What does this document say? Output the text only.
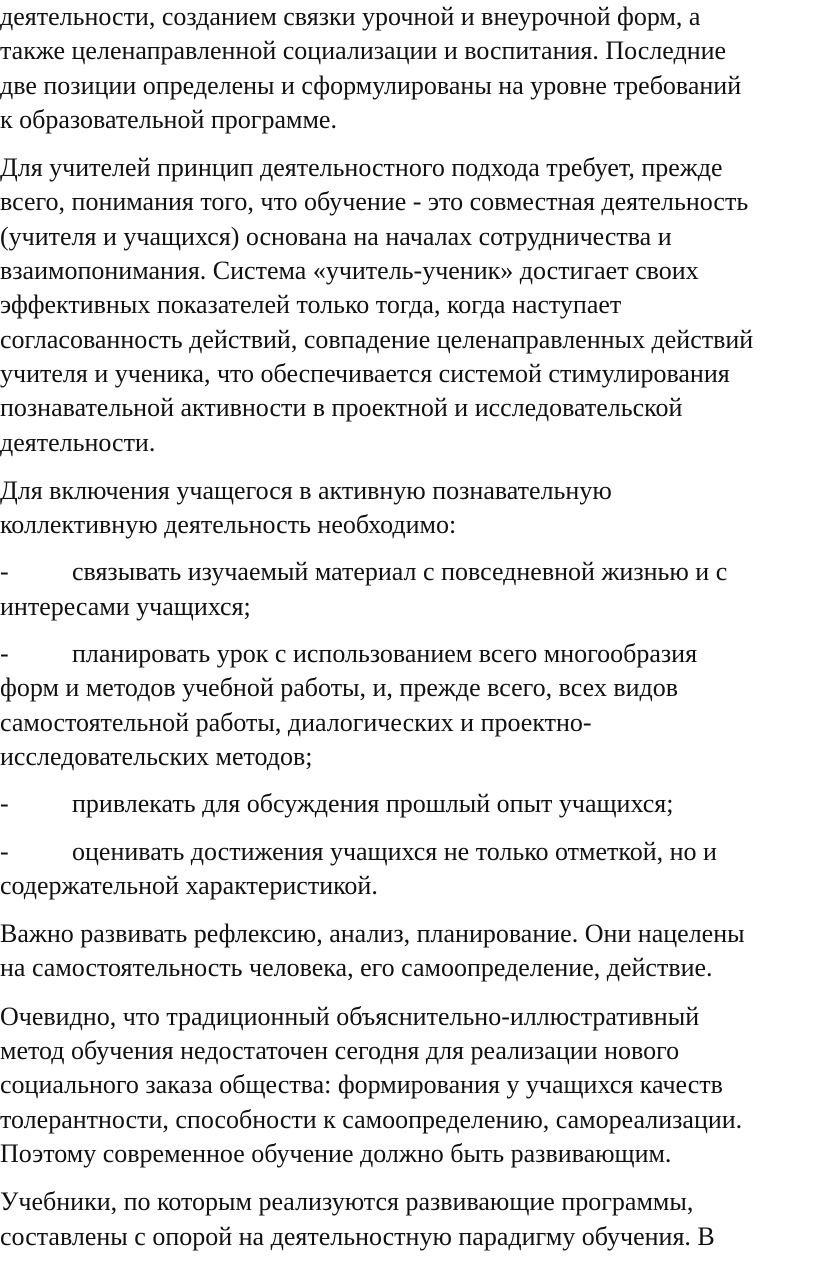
деятельности, созданием связки урочной и внеурочной форм, а
также целенаправленной социализации и воспитания. Последние
две позиции определены и сформулированы на уровне требований
к образовательной программе.

Для учителей принцип деятельностного подхода требует, прежде
всего, понимания того, что обучение - это совместная деятельность
(учителя и учащихся) основана на началах сотрудничества и
взаимопонимания. Система «учитель-ученик» достигает своих
эффективных показателей только тогда, когда наступает
согласованность действий, совпадение целенаправленных действий
учителя и ученика, что обеспечивается системой стимулирования
познавательной активности в проектной и исследовательской
деятельности.

Для включения учащегося в активную познавательную
коллективную деятельность необходимо:

- связывать изучаемый материал с повседневной жизнью и с

интересами учащихся;

- планировать урок с использованием всего многообразия

форм и методов учебной работы, и, прежде всего, всех видов
самостоятельной работы, диалогических и проектно-
исследовательских методов;

- привлекать для обсуждения прошлый опыт учащихся;
- оценивать достижения учащихся не только отметкой, но и

содержательной характеристикой.

Важно развивать рефлексию, анализ, планирование. Они нацелены
на самостоятельность человека, его самоопределение, действие.

Очевидно, что традиционный объяснительно-иллюстративный
метод обучения недостаточен сегодня для реализации нового
социального заказа общества: формирования у учащихся качеств
толерантности, способности к самоопределению, самореализации.
Поэтому современное обучение должно быть развивающим.

Учебники, по которым реализуются развивающие программы,
составлены с опорой на деятельностную парадигму обучения. В
